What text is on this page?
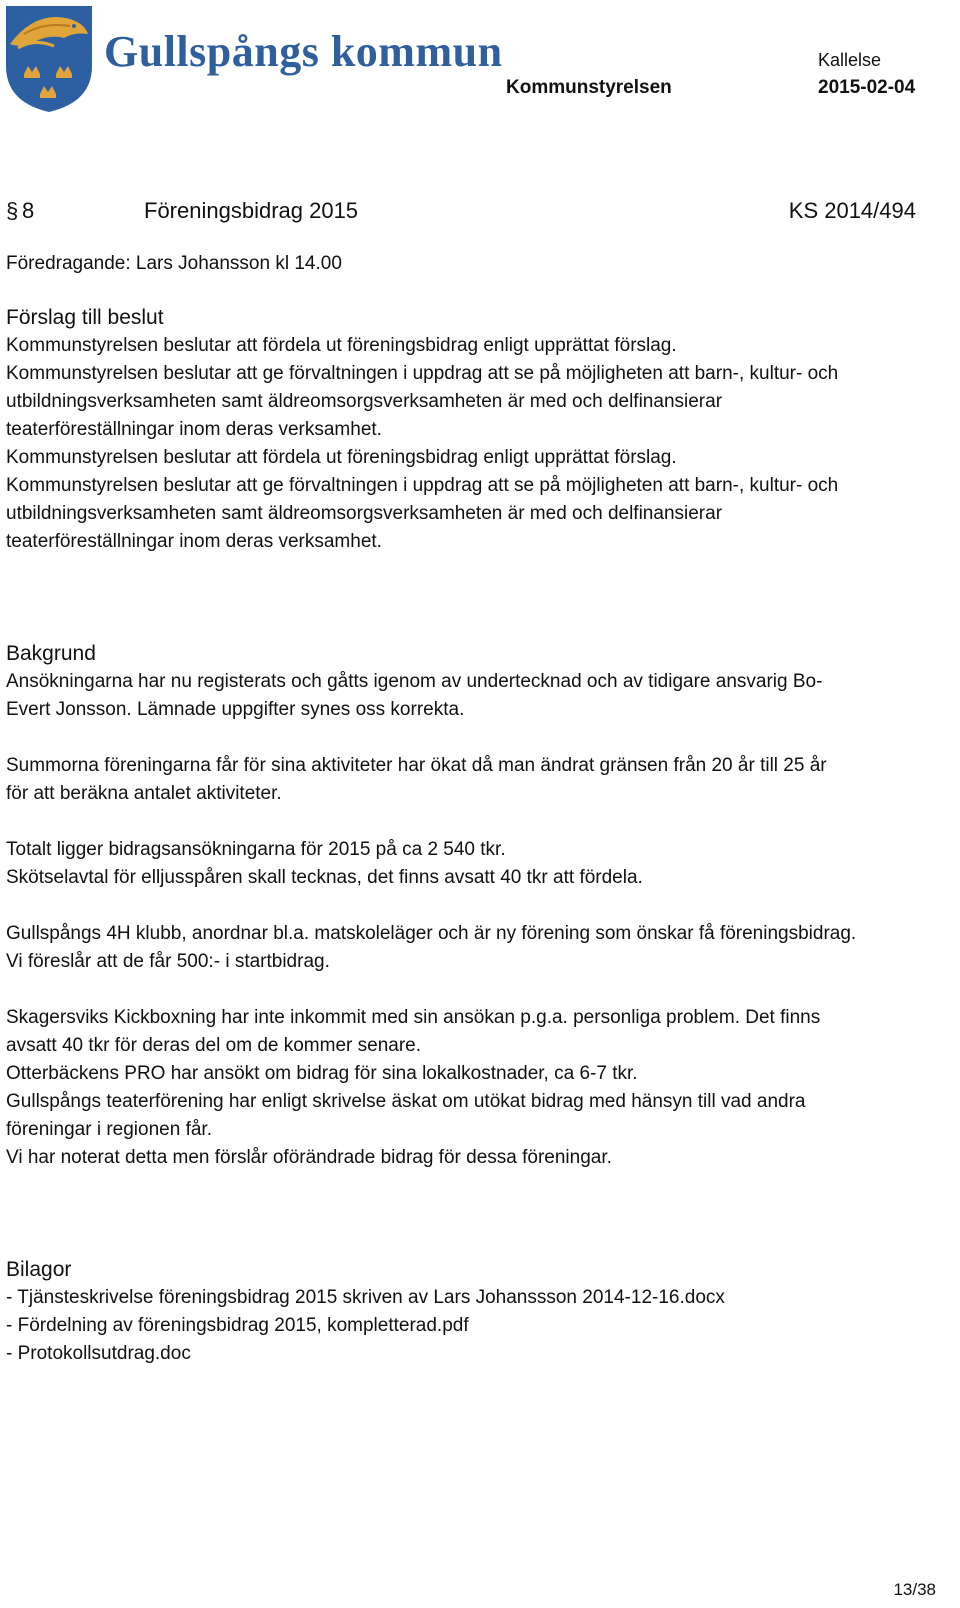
Gullspångs kommun	Kallelse
Kommunstyrelsen	2015-02-04
§ 8	Föreningsbidrag 2015	KS 2014/494

Föredragande: Lars Johansson kl 14.00

Förslag till beslut

Kommunstyrelsen beslutar att fördela ut föreningsbidrag enligt upprättat förslag.
Kommunstyrelsen beslutar att ge förvaltningen i uppdrag att se på möjligheten att barn-, kultur- och
utbildningsverksamheten samt äldreomsorgsverksamheten är med och delfinansierar
teaterföreställningar inom deras verksamhet.
Kommunstyrelsen beslutar att fördela ut föreningsbidrag enligt upprättat förslag.
Kommunstyrelsen beslutar att ge förvaltningen i uppdrag att se på möjligheten att barn-, kultur- och
utbildningsverksamheten samt äldreomsorgsverksamheten är med och delfinansierar
teaterföreställningar inom deras verksamhet.

Bakgrund

Ansökningarna har nu registerats och gåtts igenom av undertecknad och av tidigare ansvarig Bo-
Evert Jonsson. Lämnade uppgifter synes oss korrekta.
Summorna föreningarna får för sina aktiviteter har ökat då man ändrat gränsen från 20 år till 25 år
för att beräkna antalet aktiviteter.
Totalt ligger bidragsansökningarna för 2015 på ca 2 540 tkr.
Skötselavtal för elljusspåren skall tecknas, det finns avsatt 40 tkr att fördela.
Gullspångs 4H klubb, anordnar bl.a. matskoleläger och är ny förening som önskar få föreningsbidrag.
Vi föreslår att de får 500:- i startbidrag.
Skagersviks Kickboxning har inte inkommit med sin ansökan p.g.a. personliga problem. Det finns
avsatt 40 tkr för deras del om de kommer senare.
Otterbäckens PRO har ansökt om bidrag för sina lokalkostnader, ca 6-7 tkr.
Gullspångs teaterförening har enligt skrivelse äskat om utökat bidrag med hänsyn till vad andra
föreningar i regionen får.
Vi har noterat detta men förslår oförändrade bidrag för dessa föreningar.

Bilagor

- Tjänsteskrivelse föreningsbidrag 2015 skriven av Lars Johanssson 2014-12-16.docx
- Fördelning av föreningsbidrag 2015, kompletterad.pdf
- Protokollsutdrag.doc
13/38
